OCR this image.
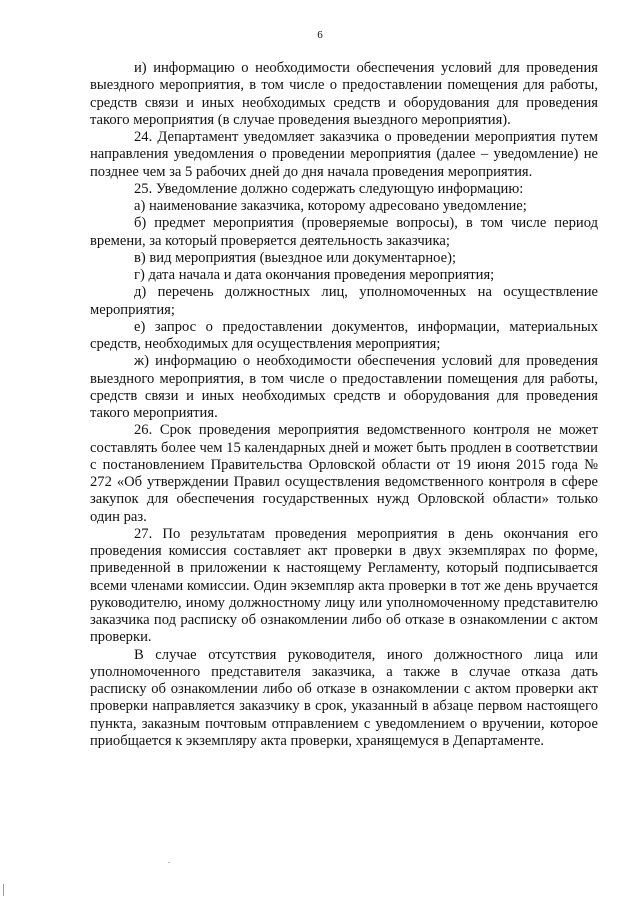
6

и) информацию о необходимости обеспечения условий для проведения выездного мероприятия, в том числе о предоставлении помещения для работы, средств связи и иных необходимых средств и оборудования для проведения такого мероприятия (в случае проведения выездного мероприятия).

24. Департамент уведомляет заказчика о проведении мероприятия путем направления уведомления о проведении мероприятия (далее – уведомление) не позднее чем за 5 рабочих дней до дня начала проведения мероприятия.

25. Уведомление должно содержать следующую информацию:

а) наименование заказчика, которому адресовано уведомление;

б) предмет мероприятия (проверяемые вопросы), в том числе период времени, за который проверяется деятельность заказчика;

в) вид мероприятия (выездное или документарное);

г) дата начала и дата окончания проведения мероприятия;

д) перечень должностных лиц, уполномоченных на осуществление мероприятия;

е) запрос о предоставлении документов, информации, материальных средств, необходимых для осуществления мероприятия;

ж) информацию о необходимости обеспечения условий для проведения выездного мероприятия, в том числе о предоставлении помещения для работы, средств связи и иных необходимых средств и оборудования для проведения такого мероприятия.

26. Срок проведения мероприятия ведомственного контроля не может составлять более чем 15 календарных дней и может быть продлен в соответствии с постановлением Правительства Орловской области от 19 июня 2015 года № 272 «Об утверждении Правил осуществления ведомственного контроля в сфере закупок для обеспечения государственных нужд Орловской области» только один раз.

27. По результатам проведения мероприятия в день окончания его проведения комиссия составляет акт проверки в двух экземплярах по форме, приведенной в приложении к настоящему Регламенту, который подписывается всеми членами комиссии. Один экземпляр акта проверки в тот же день вручается руководителю, иному должностному лицу или уполномоченному представителю заказчика под расписку об ознакомлении либо об отказе в ознакомлении с актом проверки.

В случае отсутствия руководителя, иного должностного лица или уполномоченного представителя заказчика, а также в случае отказа дать расписку об ознакомлении либо об отказе в ознакомлении с актом проверки акт проверки направляется заказчику в срок, указанный в абзаце первом настоящего пункта, заказным почтовым отправлением с уведомлением о вручении, которое приобщается к экземпляру акта проверки, хранящемуся в Департаменте.
